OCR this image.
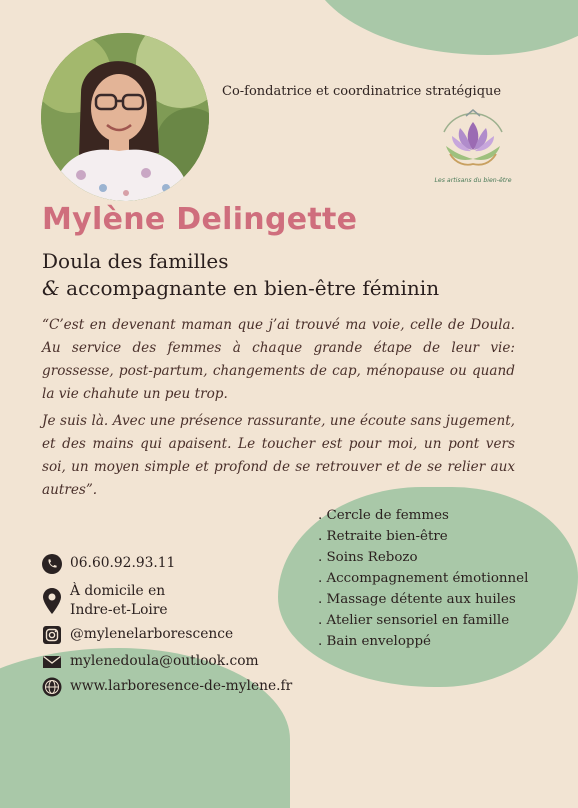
Co-fondatrice et coordinatrice stratégique
Les artisans du bien-être
Mylène Delingette
Doula des familles
& accompagnante en bien-être féminin

“C’est en devenant maman que j’ai trouvé ma voie, celle de Doula. Au service des femmes à chaque grande étape de leur vie: grossesse, post-partum, changements de cap, ménopause ou quand la vie chahute un peu trop.

Je suis là. Avec une présence rassurante, une écoute sans jugement, et des mains qui apaisent. Le toucher est pour moi, un pont vers soi, un moyen simple et profond de se retrouver et de se relier aux autres”.

. Cercle de femmes
. Retraite bien-être
. Soins Rebozo
. Accompagnement émotionnel
. Massage détente aux huiles
. Atelier sensoriel en famille
. Bain enveloppé
06.60.92.93.11
À domicile en
Indre-et-Loire
@mylenelarborescence
mylenedoula@outlook.com
www.larboresence-de-mylene.fr
